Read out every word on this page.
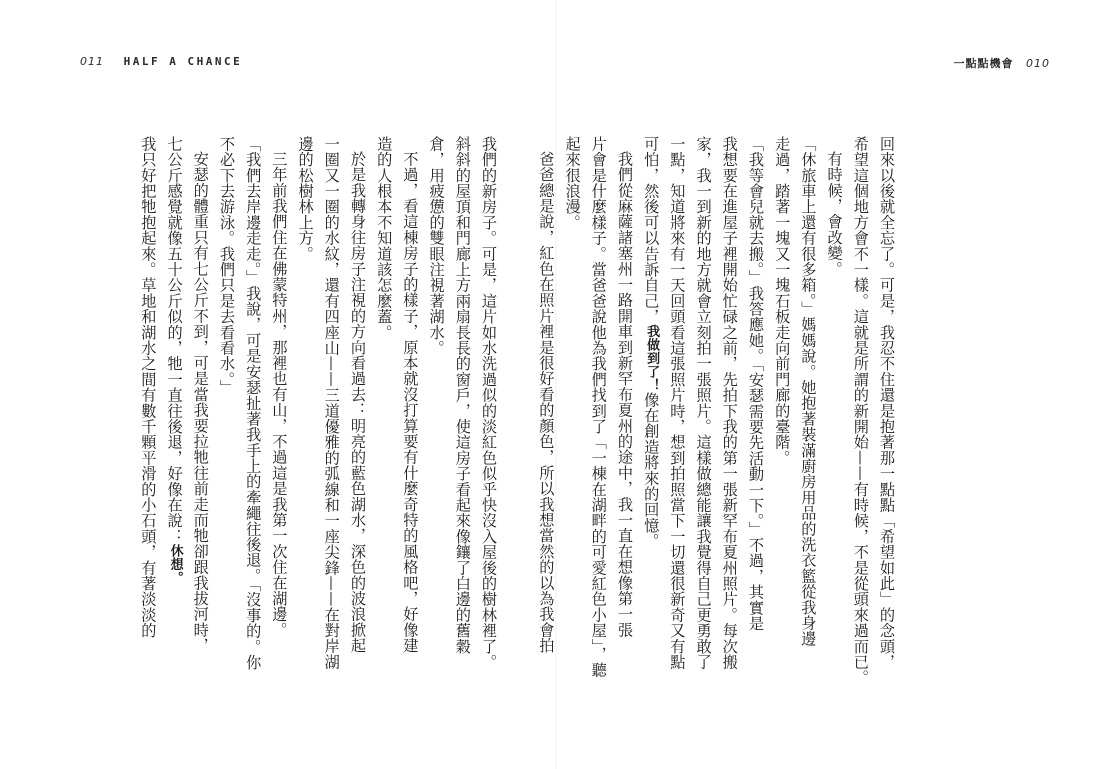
011 HALF A CHANCE	一點點機會 010
回來以後就全忘了。可是，我忍不住還是抱著那一點點「希望如此」的念頭，
希望這個地方會不一樣。這就是所謂的新開始——有時候，不是從頭來過而已。
有時候，會改變。
「休旅車上還有很多箱。」媽媽說。她抱著裝滿廚房用品的洗衣籃從我身邊
走過，踏著一塊又一塊石板走向前門廊的臺階。
「我等會兒就去搬。」我答應她。「安瑟需要先活動一下。」不過，其實是
我想要在進屋子裡開始忙碌之前，先拍下我的第一張新罕布夏州照片。每次搬
家，我一到新的地方就會立刻拍一張照片。這樣做總能讓我覺得自己更勇敢了
一點，知道將來有一天回頭看這張照片時，想到拍照當下一切還很新奇又有點
可怕，然後可以告訴自己，我做到了！像在創造將來的回憶。
我們從麻薩諸塞州一路開車到新罕布夏州的途中，我一直在想像第一張
片會是什麼樣子。當爸爸說他為我們找到了「一棟在湖畔的可愛紅色小屋」，聽
起來很浪漫。
爸爸總是說，紅色在照片裡是很好看的顏色，所以我想當然的以為我會拍
我們的新房子。可是，這片如水洗過似的淡紅色似乎快沒入屋後的樹林裡了。
斜斜的屋頂和門廊上方兩扇長長的窗戶，使這房子看起來像鑲了白邊的舊穀
倉，用疲憊的雙眼注視著湖水。
不過，看這棟房子的樣子，原本就沒打算要有什麼奇特的風格吧，好像建
造的人根本不知道該怎麼蓋。
於是我轉身往房子注視的方向看過去：明亮的藍色湖水，深色的波浪掀起
一圈又一圈的水紋，還有四座山——三道優雅的弧線和一座尖鋒——在對岸湖
邊的松樹林上方。
三年前我們住在佛蒙特州，那裡也有山，不過這是我第一次住在湖邊。
「我們去岸邊走走。」我說，可是安瑟扯著我手上的牽繩往後退。「沒事的。你
不必下去游泳。我們只是去看看水。」
安瑟的體重只有七公斤不到，可是當我要拉牠往前走而牠卻跟我拔河時，
七公斤感覺就像五十公斤似的，牠一直往後退，好像在說：休想。
我只好把牠抱起來。草地和湖水之間有數千顆平滑的小石頭，有著淡淡的
